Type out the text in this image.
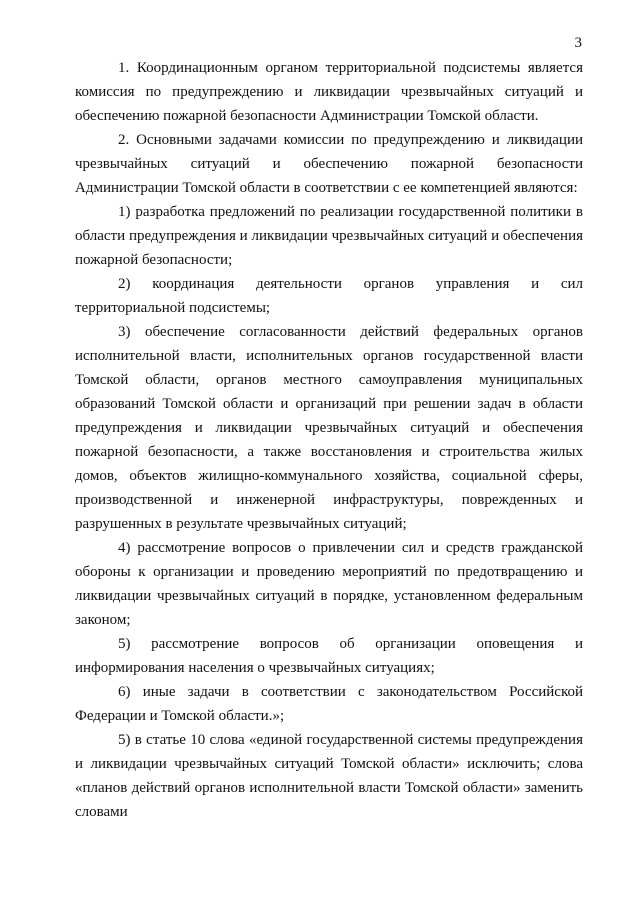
3

1. Координационным органом территориальной подсистемы является комиссия по предупреждению и ликвидации чрезвычайных ситуаций и обеспечению пожарной безопасности Администрации Томской области.

2. Основными задачами комиссии по предупреждению и ликвидации чрезвычайных ситуаций и обеспечению пожарной безопасности Администрации Томской области в соответствии с ее компетенцией являются:

1) разработка предложений по реализации государственной политики в области предупреждения и ликвидации чрезвычайных ситуаций и обеспечения пожарной безопасности;

2) координация деятельности органов управления и сил территориальной подсистемы;

3) обеспечение согласованности действий федеральных органов исполнительной власти, исполнительных органов государственной власти Томской области, органов местного самоуправления муниципальных образований Томской области и организаций при решении задач в области предупреждения и ликвидации чрезвычайных ситуаций и обеспечения пожарной безопасности, а также восстановления и строительства жилых домов, объектов жилищно-коммунального хозяйства, социальной сферы, производственной и инженерной инфраструктуры, поврежденных и разрушенных в результате чрезвычайных ситуаций;

4) рассмотрение вопросов о привлечении сил и средств гражданской обороны к организации и проведению мероприятий по предотвращению и ликвидации чрезвычайных ситуаций в порядке, установленном федеральным законом;

5) рассмотрение вопросов об организации оповещения и информирования населения о чрезвычайных ситуациях;

6) иные задачи в соответствии с законодательством Российской Федерации и Томской области.»;

5) в статье 10 слова «единой государственной системы предупреждения и ликвидации чрезвычайных ситуаций Томской области» исключить; слова «планов действий органов исполнительной власти Томской области» заменить словами
